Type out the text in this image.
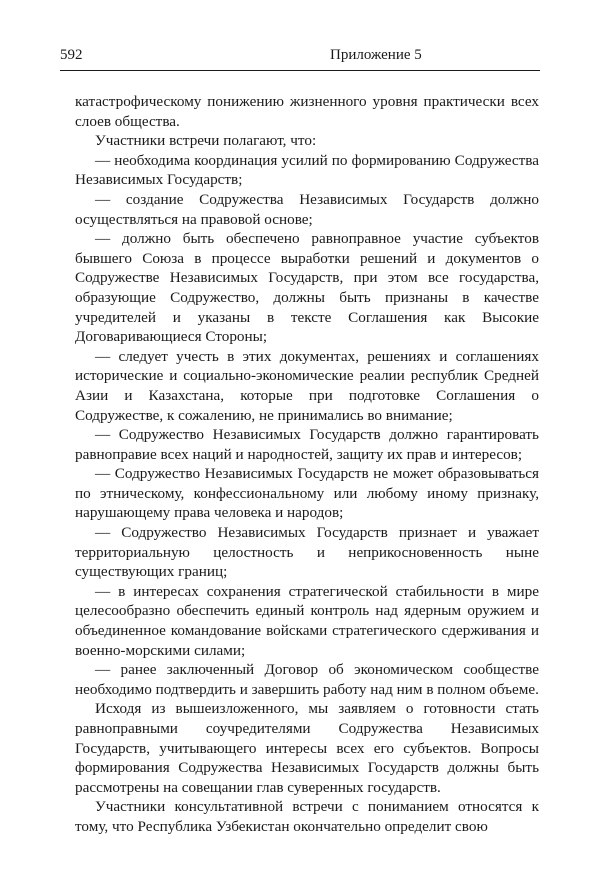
592	Приложение 5

катастрофическому понижению жизненного уровня практически всех слоев общества.

Участники встречи полагают, что:

— необходима координация усилий по формированию Содружества Независимых Государств;

— создание Содружества Независимых Государств должно осуществляться на правовой основе;

— должно быть обеспечено равноправное участие субъектов бывшего Союза в процессе выработки решений и документов о Содружестве Независимых Государств, при этом все государства, образующие Содружество, должны быть признаны в качестве учредителей и указаны в тексте Соглашения как Высокие Договаривающиеся Стороны;

— следует учесть в этих документах, решениях и соглашениях исторические и социально-экономические реалии республик Средней Азии и Казахстана, которые при подготовке Соглашения о Содружестве, к сожалению, не принимались во внимание;

— Содружество Независимых Государств должно гарантировать равноправие всех наций и народностей, защиту их прав и интересов;

— Содружество Независимых Государств не может образовываться по этническому, конфессиональному или любому иному признаку, нарушающему права человека и народов;

— Содружество Независимых Государств признает и уважает территориальную целостность и неприкосновенность ныне существующих границ;

— в интересах сохранения стратегической стабильности в мире целесообразно обеспечить единый контроль над ядерным оружием и объединенное командование войсками стратегического сдерживания и военно-морскими силами;

— ранее заключенный Договор об экономическом сообществе необходимо подтвердить и завершить работу над ним в полном объеме.

Исходя из вышеизложенного, мы заявляем о готовности стать равноправными соучредителями Содружества Независимых Государств, учитывающего интересы всех его субъектов. Вопросы формирования Содружества Независимых Государств должны быть рассмотрены на совещании глав суверенных государств.

Участники консультативной встречи с пониманием относятся к тому, что Республика Узбекистан окончательно определит свою
